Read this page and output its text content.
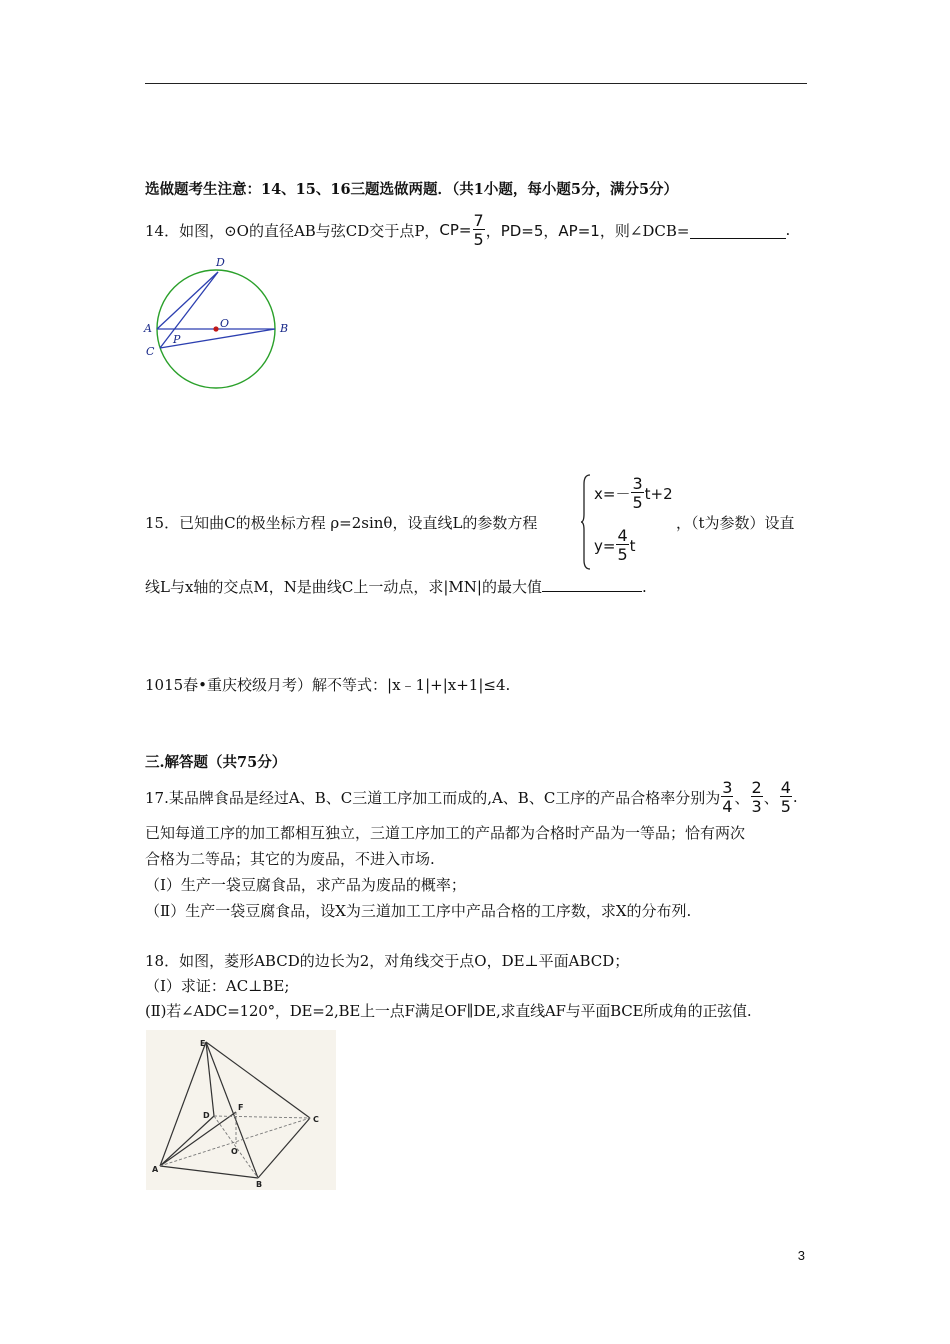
选做题考生注意：14、15、16三题选做两题．（共1小题，每小题5分，满分5分）
14．如图，⊙O的直径AB与弦CD交于点P， $CP= \frac{7}{5}$ ，PD=5，AP=1 ，则∠DCB=	.
D
O
A	B
C
P
15．已知曲C的极坐标方程 ρ=2sinθ，设直线L的参数方程
$x=- \frac{3}{5} t+2$
$y= \frac{4}{5}$ t
，（t为参数）设直
线L与x轴的交点M，N是曲线C上一动点，求|MN|的最大值	.
1015春•重庆校级月考）解不等式：|x﹣1|+|x+1|≤4.
三.解答题（共75分）
17.某品牌食品是经过A、B、C三道工序加工而成的,A、B、C工序的产品合格率分别为 $\frac{3}{4}$ 、 $\frac{2}{3}$ 、 $\frac{4}{5}$ .
已知每道工序的加工都相互独立，三道工序加工的产品都为合格时产品为一等品；恰有两次
合格为二等品；其它的为废品，不进入市场.
（Ⅰ）生产一袋豆腐食品，求产品为废品的概率；
（Ⅱ）生产一袋豆腐食品，设X为三道加工工序中产品合格的工序数，求X的分布列.
18．如图，菱形ABCD的边长为2，对角线交于点O，DE⊥平面ABCD；
（Ⅰ）求证：AC⊥BE;
(Ⅱ)若∠ADC=120°，DE=2,BE上一点F满足OF∥DE,求直线AF与平面BCE所成角的正弦值.
E
D
F
C
O
A
B
3
